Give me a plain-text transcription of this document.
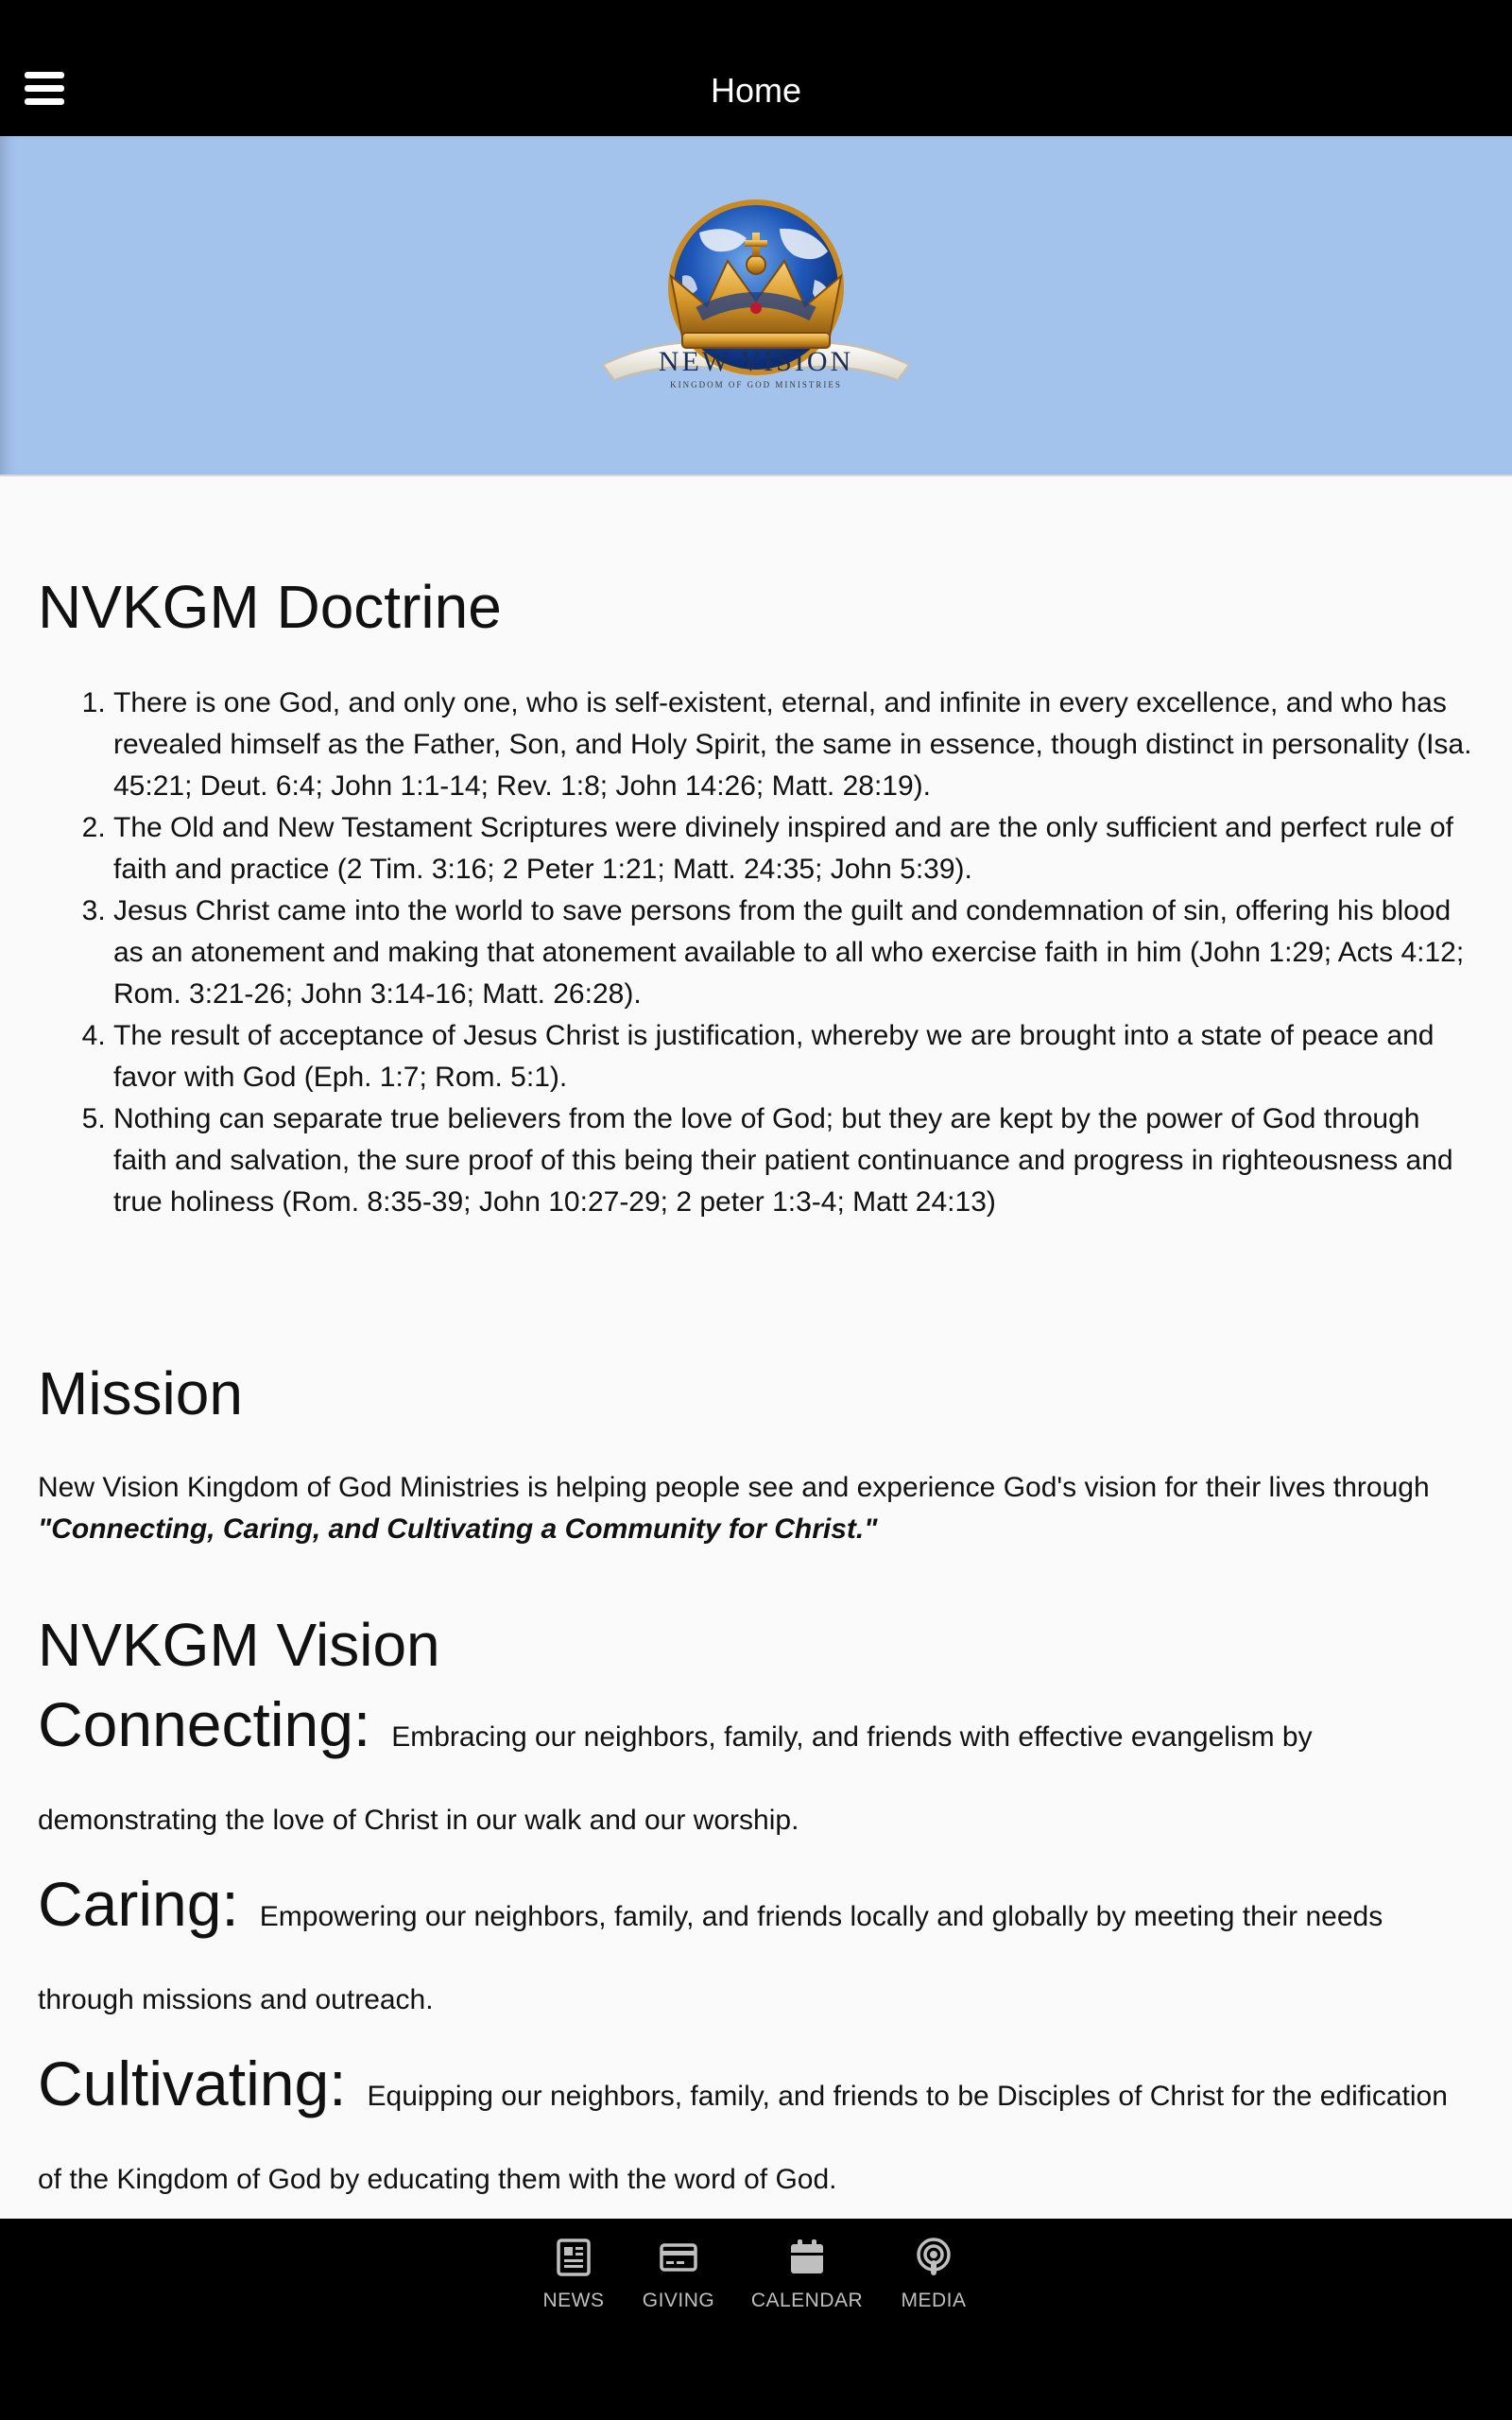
Home
NEW VISION
KINGDOM OF GOD MINISTRIES
NVKGM Doctrine
1. There is one God, and only one, who is self-existent, eternal, and infinite in every excellence, and who has revealed himself as the Father, Son, and Holy Spirit, the same in essence, though distinct in personality (Isa. 45:21; Deut. 6:4; John 1:1-14; Rev. 1:8; John 14:26; Matt. 28:19).
2. The Old and New Testament Scriptures were divinely inspired and are the only sufficient and perfect rule of faith and practice (2 Tim. 3:16; 2 Peter 1:21; Matt. 24:35; John 5:39).
3. Jesus Christ came into the world to save persons from the guilt and condemnation of sin, offering his blood as an atonement and making that atonement available to all who exercise faith in him (John 1:29; Acts 4:12; Rom. 3:21-26; John 3:14-16; Matt. 26:28).
4. The result of acceptance of Jesus Christ is justification, whereby we are brought into a state of peace and favor with God (Eph. 1:7; Rom. 5:1).
5. Nothing can separate true believers from the love of God; but they are kept by the power of God through faith and salvation, the sure proof of this being their patient continuance and progress in righteousness and true holiness (Rom. 8:35-39; John 10:27-29; 2 peter 1:3-4; Matt 24:13)
Mission

New Vision Kingdom of God Ministries is helping people see and experience God's vision for their lives through "Connecting, Caring, and Cultivating a Community for Christ."

NVKGM Vision

Connecting: Embracing our neighbors, family, and friends with effective evangelism by demonstrating the love of Christ in our walk and our worship.

Caring: Empowering our neighbors, family, and friends locally and globally by meeting their needs through missions and outreach.

Cultivating: Equipping our neighbors, family, and friends to be Disciples of Christ for the edification of the Kingdom of God by educating them with the word of God.

NEWS GIVING CALENDAR	MEDIA
